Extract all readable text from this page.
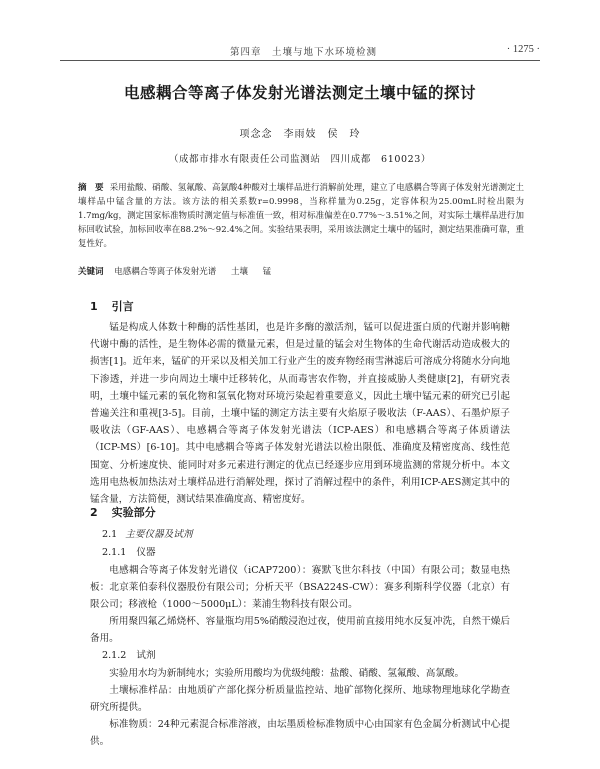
第四章　土壤与地下水环境检测	· 1275 ·
电感耦合等离子体发射光谱法测定土壤中锰的探讨
项念念　李雨妓　侯　玲
（成都市排水有限责任公司监测站　四川成都　610023）
摘　要 采用盐酸、硝酸、氢氟酸、高氯酸4种酸对土壤样品进行消解前处理，建立了电感耦合等离子体发射光谱测定土壤样品中锰含量的方法。该方法的相关系数r=0.9998，当称样量为0.25g，定容体积为25.00mL时检出限为1.7mg/kg，测定国家标准物质时测定值与标准值一致，相对标准偏差在0.77%～3.51%之间，对实际土壤样品进行加标回收试验，加标回收率在88.2%～92.4%之间。实验结果表明，采用该法测定土壤中的锰时，测定结果准确可靠，重复性好。
关键词 电感耦合等离子体发射光谱 土壤 锰
1 引言
锰是构成人体数十种酶的活性基团，也是许多酶的激活剂，锰可以促进蛋白质的代谢并影响糖代谢中酶的活性，是生物体必需的微量元素，但是过量的锰会对生物体的生命代谢活动造成极大的损害[1]。近年来，锰矿的开采以及相关加工行业产生的废弃物经雨雪淋滤后可溶成分将随水分向地下渗透，并进一步向周边土壤中迁移转化，从而毒害农作物，并直接威胁人类健康[2]，有研究表明，土壤中锰元素的氧化物和氢氧化物对环境污染起着重要意义，因此土壤中锰元素的研究已引起普遍关注和重视[3-5]。目前，土壤中锰的测定方法主要有火焰原子吸收法（F-AAS）、石墨炉原子吸收法（GF-AAS）、电感耦合等离子体发射光谱法（ICP-AES）和电感耦合等离子体质谱法（ICP-MS）[6-10]。其中电感耦合等离子体发射光谱法以检出限低、准确度及精密度高、线性范围宽、分析速度快、能同时对多元素进行测定的优点已经逐步应用到环境监测的常规分析中。本文选用电热板加热法对土壤样品进行消解处理，探讨了消解过程中的条件，利用ICP-AES测定其中的锰含量，方法简便，测试结果准确度高、精密度好。
2 实验部分
2.1 主要仪器及试剂
2.1.1 仪器
电感耦合等离子体发射光谱仪（iCAP7200）：赛默飞世尔科技（中国）有限公司；数显电热板：北京莱伯泰科仪器股份有限公司；分析天平（BSA224S-CW）：赛多利斯科学仪器（北京）有限公司；移液枪（1000～5000μL）：莱浦生物科技有限公司。
所用聚四氟乙烯烧杯、容量瓶均用5%硝酸浸泡过夜，使用前直接用纯水反复冲洗，自然干燥后备用。
2.1.2 试剂
实验用水均为新制纯水；实验所用酸均为优级纯酸：盐酸、硝酸、氢氟酸、高氯酸。
土壤标准样品：由地质矿产部化探分析质量监控站、地矿部物化探所、地球物理地球化学勘查研究所提供。
标准物质：24种元素混合标准溶液，由坛墨质检标准物质中心由国家有色金属分析测试中心提供。
